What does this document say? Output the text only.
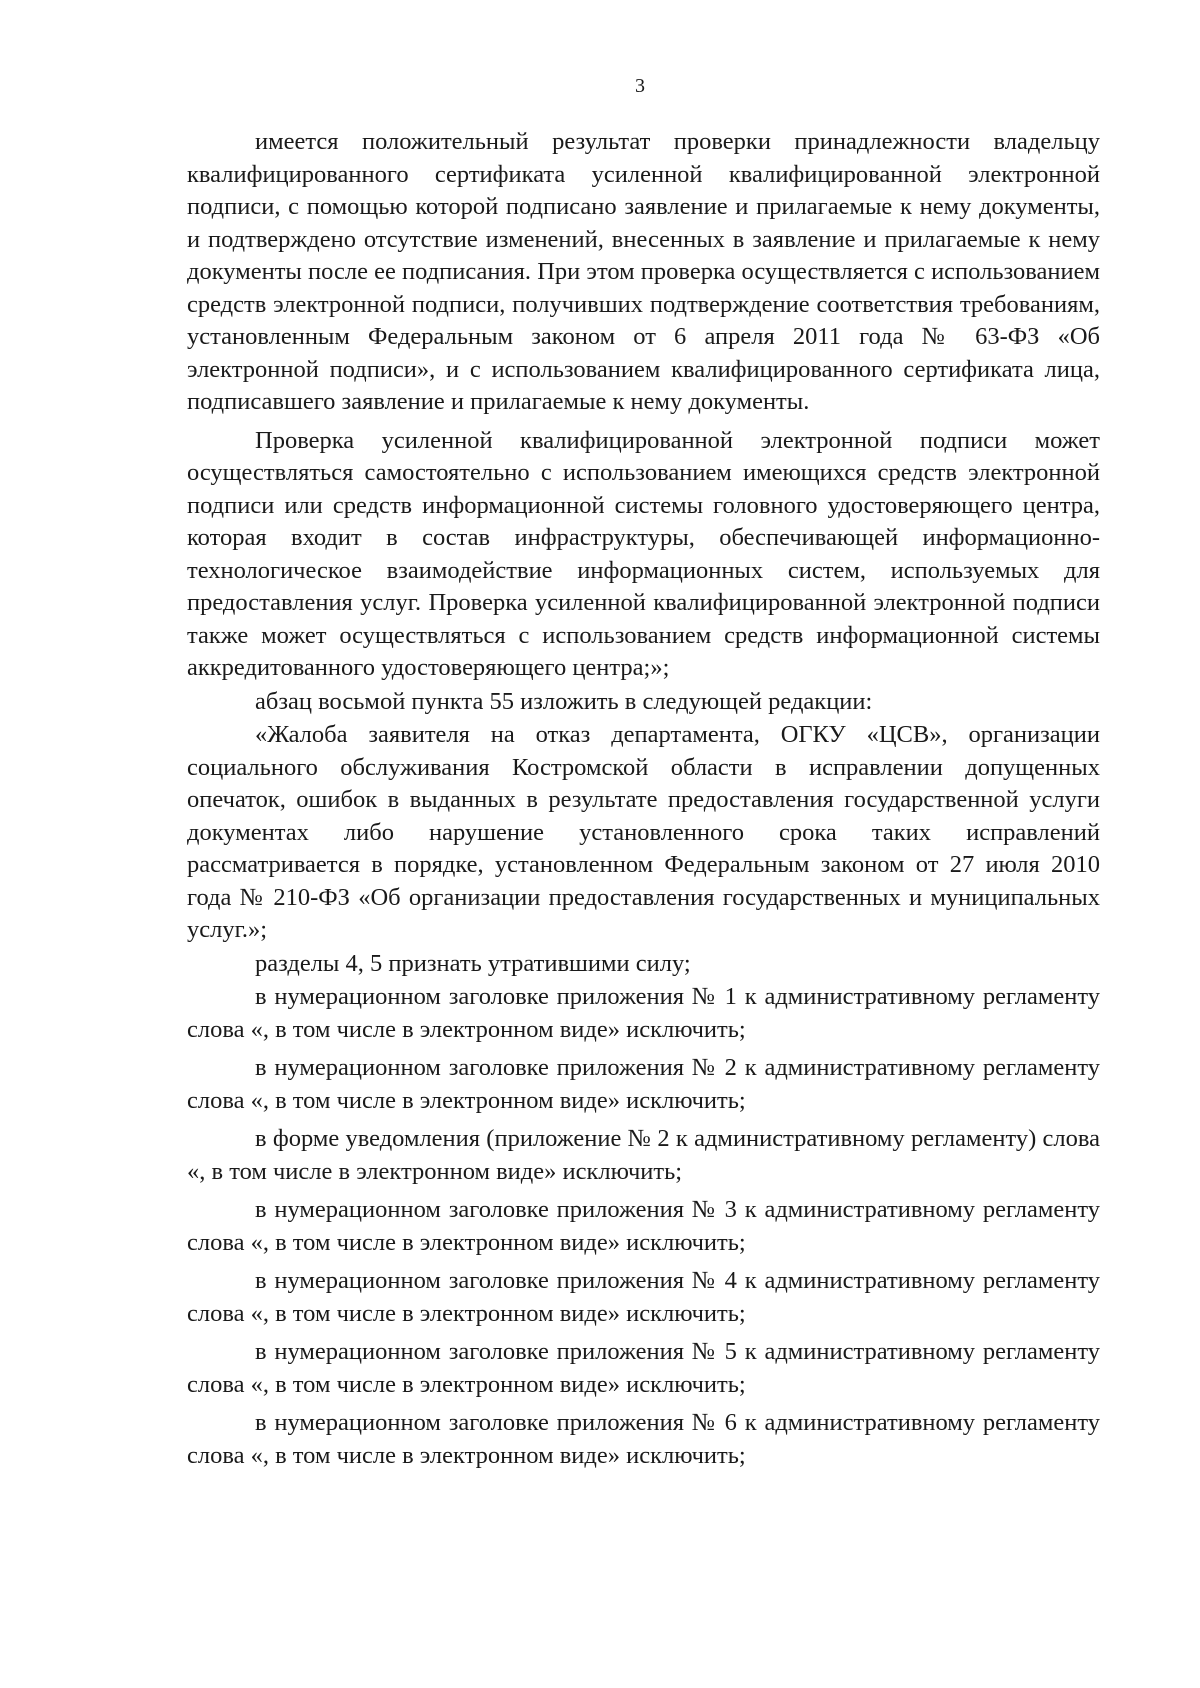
3

имеется положительный результат проверки принадлежности владельцу квалифицированного сертификата усиленной квалифицированной электронной подписи, с помощью которой подписано заявление и прилагаемые к нему документы, и подтверждено отсутствие изменений, внесенных в заявление и прилагаемые к нему документы после ее подписания. При этом проверка осуществляется с использованием средств электронной подписи, получивших подтверждение соответствия требованиям, установленным Федеральным законом от 6 апреля 2011 года № 63-ФЗ «Об электронной подписи», и с использованием квалифицированного сертификата лица, подписавшего заявление и прилагаемые к нему документы.

Проверка усиленной квалифицированной электронной подписи может осуществляться самостоятельно с использованием имеющихся средств электронной подписи или средств информационной системы головного удостоверяющего центра, которая входит в состав инфраструктуры, обеспечивающей информационно-технологическое взаимодействие информационных систем, используемых для предоставления услуг. Проверка усиленной квалифицированной электронной подписи также может осуществляться с использованием средств информационной системы аккредитованного удостоверяющего центра;»;

абзац восьмой пункта 55 изложить в следующей редакции:

«Жалоба заявителя на отказ департамента, ОГКУ «ЦСВ», организации социального обслуживания Костромской области в исправлении допущенных опечаток, ошибок в выданных в результате предоставления государственной услуги документах либо нарушение установленного срока таких исправлений рассматривается в порядке, установленном Федеральным законом от 27 июля 2010 года № 210-ФЗ «Об организации предоставления государственных и муниципальных услуг.»;

разделы 4, 5 признать утратившими силу;

в нумерационном заголовке приложения № 1 к административному регламенту слова «, в том числе в электронном виде» исключить;

в нумерационном заголовке приложения № 2 к административному регламенту слова «, в том числе в электронном виде» исключить;

в форме уведомления (приложение № 2 к административному регламенту) слова «, в том числе в электронном виде» исключить;

в нумерационном заголовке приложения № 3 к административному регламенту слова «, в том числе в электронном виде» исключить;

в нумерационном заголовке приложения № 4 к административному регламенту слова «, в том числе в электронном виде» исключить;

в нумерационном заголовке приложения № 5 к административному регламенту слова «, в том числе в электронном виде» исключить;

в нумерационном заголовке приложения № 6 к административному регламенту слова «, в том числе в электронном виде» исключить;
